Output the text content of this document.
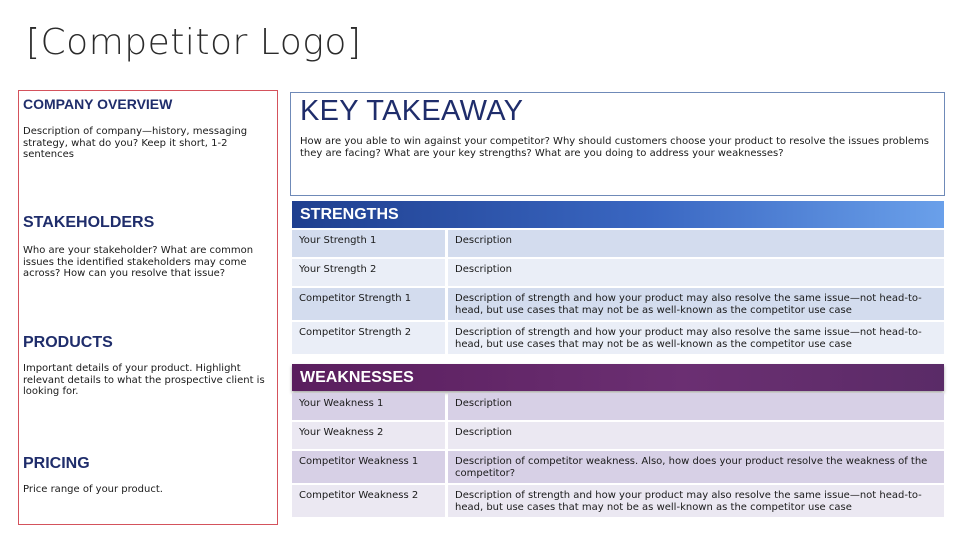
[Competitor Logo]
COMPANY OVERVIEW
Description of company—history, messaging strategy, what do you? Keep it short, 1-2 sentences
STAKEHOLDERS
Who are your stakeholder? What are common issues the identified stakeholders may come across? How can you resolve that issue?
PRODUCTS
Important details of your product. Highlight relevant details to what the prospective client is looking for.
PRICING
Price range of your product.
KEY TAKEAWAY

How are you able to win against your competitor? Why should customers choose your product to resolve the issues problems they are facing? What are your key strengths? What are you doing to address your weaknesses?

STRENGTHS
Your Strength 1	Description
Your Strength 2	Description
Competitor Strength 1	Description of strength and how your product may also resolve the same issue—not head-to-head, but use cases that may not be as well-known as the competitor use case
Competitor Strength 2	Description of strength and how your product may also resolve the same issue—not head-to-head, but use cases that may not be as well-known as the competitor use case
WEAKNESSES
Your Weakness 1	Description
Your Weakness 2	Description
Competitor Weakness 1	Description of competitor weakness. Also, how does your product resolve the weakness of the competitor?
Competitor Weakness 2	Description of strength and how your product may also resolve the same issue—not head-to-head, but use cases that may not be as well-known as the competitor use case
